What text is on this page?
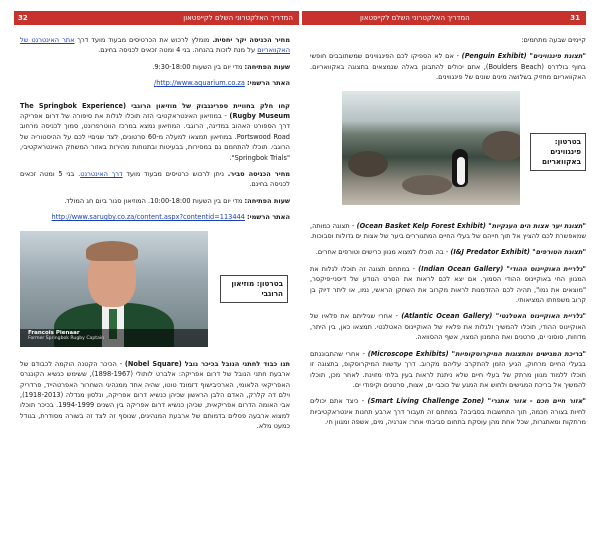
32	המדריך האלקטרוני השלם לקייפטאון	31
המדריך האלקטרוני השלם לקייפטאון

קיימים שבעה מתחמים:

"תצוגת פינגווינים" (Penguin Exhibit) - אם לא הספיקו לכם הפינגווינים שמשתובבים חופשי בחוף בולדרס (Boulders Beach), אתם יכולים להתבונן באלה שנמצאים בתצוגה באקוואריום. האקוואריום מחזיק בשלושה מינים שונים של פינגווינים.

בטרטון: פינגווינים באקוואריום

"תצוגת יער אצות הים הענקיות" (Ocean Basket Kelp Forest Exhibit) - תצוגה כמותה, שמאפשרת לכם להציץ אל תוך חייהם של בעלי החיים המתגוררים ביער של אצות ים גדולות וסבוכות.

"תצוגת הטורפים" (I&J Predator Exhibit) - בה תוכלו למצוא מגוון כרישים וטורפים אחרים.

"גלריית האוקיינוס ההודי" (Indian Ocean Gallery) - במתחם תצוגה זה תוכלו לגלות את המגוון החי באוקיינוס ההודי הסמוך. אם יצא לכם לראות את הסרט הנודע של דיסני-פיקסר, "מוצאים את נמו", תהיה לכם ההזדמנות לראות מקרוב את השחקן הראשי, נמו, או ליתר דיוק בן קרוב משפחתו המציאותי.

"גלריית האוקיינוס האטלנטי" (Atlantic Ocean Gallery) - אחרי שגיליתם את פלאיו של האוקיינוס ההודי, תוכלו להמשיך ולגלות את פלאיו של האוקיינוס האטלנטי. תמצאו כאן, בין היתר, מדוזות, סוסוני ים, סרטנים ואת התמנון המצוי, אשף ההסוואה.

"בריכת המגישים והתצוגות המיקרוסקופיות" (Microscope Exhibits) - אחרי שהתבוננתם בבעלי החיים מרחוק, הגיע הזמן להתקרב עליהם מקרוב. דרך עדשות המיקרוסקופ, בתצוגה זו תוכלו ללמוד מגוון מרתק של בעלי חיים שלא ניתנת לראות בעין בלתי מזוינת. לאחר מכן, תוכלו להמשיך אל בריכת המגישים ולחוש את המגע של כוכבי ים, אצות, סרטנים וקיפודי ים.

"אזור חיים חכם - אזור אתגרי" (Smart Living Challenge Zone) - כיצד אתם יכולים לחיות בצורה חכמה, תוך התחשבות בסביבה? במתחם זה תעבור דרך ארבע תחנות אינטראקטיביות מרתקות ומאתגרות, שכל אחת מהן עוסקת בתחום סביבתי אחר: אנרגיה, מים, אשפה ומגוון חי.

מחיר הכניסה יקר יחסית. מומלץ לרכוש את הכרטיסים מבעוד מועד דרך אתר האינטרנט של האקוואריום על מנת לזכות בהנחה. בני 4 ומטה זכאים לכניסה בחינם.

שעות הפתיחה: מדי יום בין השעות 9:30-18:00.

האתר הרשמי: http://www.aquarium.co.za/

קחו חלק בחוויית ספרינגבוק של מוזיאון הרוגבי (The Springbok Experience Rugby Museum) - במוזיאון האינטראקטיבי הזה תוכלו לגלות את סיפורה של דרום אפריקה דרך הספורט האהוב במדינה, הרוגבי. המוזיאון נמצא במרכז הווטרפרונט, סמוך לכניסה מרחוב Portswood Road. במוזיאון תמצאו למעלה מ-60 סרטונים, לצד שניםיי לכם על ההיסטוריה של הרוגבי. תוכלו להתחמם גם במסירות, בבעיטות ובתנוחות מהירות באזור המשחק האינטראקטיבי, "Springbok Trials".

מחיר הכניסה סביר. ניתן לרכוש כרטיסים מבעוד מועד דרך האינטרנט. בני 5 ומטה זכאים לכניסה בחינם.

שעות הפתיחה: מדי יום בין השעות 10:00-18:00. המוזיאון סגור ביום חג המולד.

האתר הרשמי: http://www.sarugby.co.za/content.aspx?contentid=113444

Francois Pienaar
Former Springbok Rugby Captain
בטרטון: מוזיאון הרוגבי

תנו כבוד לחתני הנובל בכיכר נובל (Nobel Square) - הכיכר הקטנה הוקמה לכבודם של ארבעת חתני הנובל של דרום אפריקה: אלברט לותולי (1898-1967), ששימש כנשיא הקונגרס האפריקאי הלאומי, הארכיבישוף דזמונד טוטו, שהיה אחד ממנהיגי השחרור האפרטהייד, פרדריק וילם דה קלרק, האדם הלבן הראשון שכיהן כנשיא דרום אפריקה, ונלסון מנדלה (1918-2013), אבי האומה הדרום אפריקאית, שכיהן כנשיא דרום אפריקה בין השנים 1994-1999. בכיכר תוכלו למצוא ארבעה פסלים בדמותם של ארבעת המנהיגים, שנוסף זה לצד זה בשורה מסודרת, בגודל כמעט מלא.
